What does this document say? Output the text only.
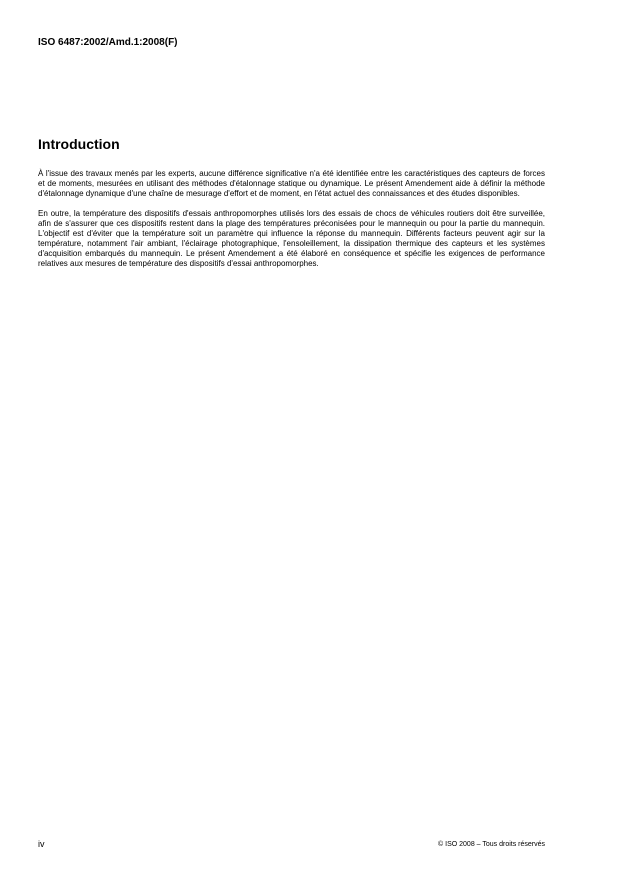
ISO 6487:2002/Amd.1:2008(F)
Introduction

À l'issue des travaux menés par les experts, aucune différence significative n'a été identifiée entre les caractéristiques des capteurs de forces et de moments, mesurées en utilisant des méthodes d'étalonnage statique ou dynamique. Le présent Amendement aide à définir la méthode d'étalonnage dynamique d'une chaîne de mesurage d'effort et de moment, en l'état actuel des connaissances et des études disponibles.

En outre, la température des dispositifs d'essais anthropomorphes utilisés lors des essais de chocs de véhicules routiers doit être surveillée, afin de s'assurer que ces dispositifs restent dans la plage des températures préconisées pour le mannequin ou pour la partie du mannequin. L'objectif est d'éviter que la température soit un paramètre qui influence la réponse du mannequin. Différents facteurs peuvent agir sur la température, notamment l'air ambiant, l'éclairage photographique, l'ensoleillement, la dissipation thermique des capteurs et les systèmes d'acquisition embarqués du mannequin. Le présent Amendement a été élaboré en conséquence et spécifie les exigences de performance relatives aux mesures de température des dispositifs d'essai anthropomorphes.

iv	© ISO 2008 – Tous droits réservés
